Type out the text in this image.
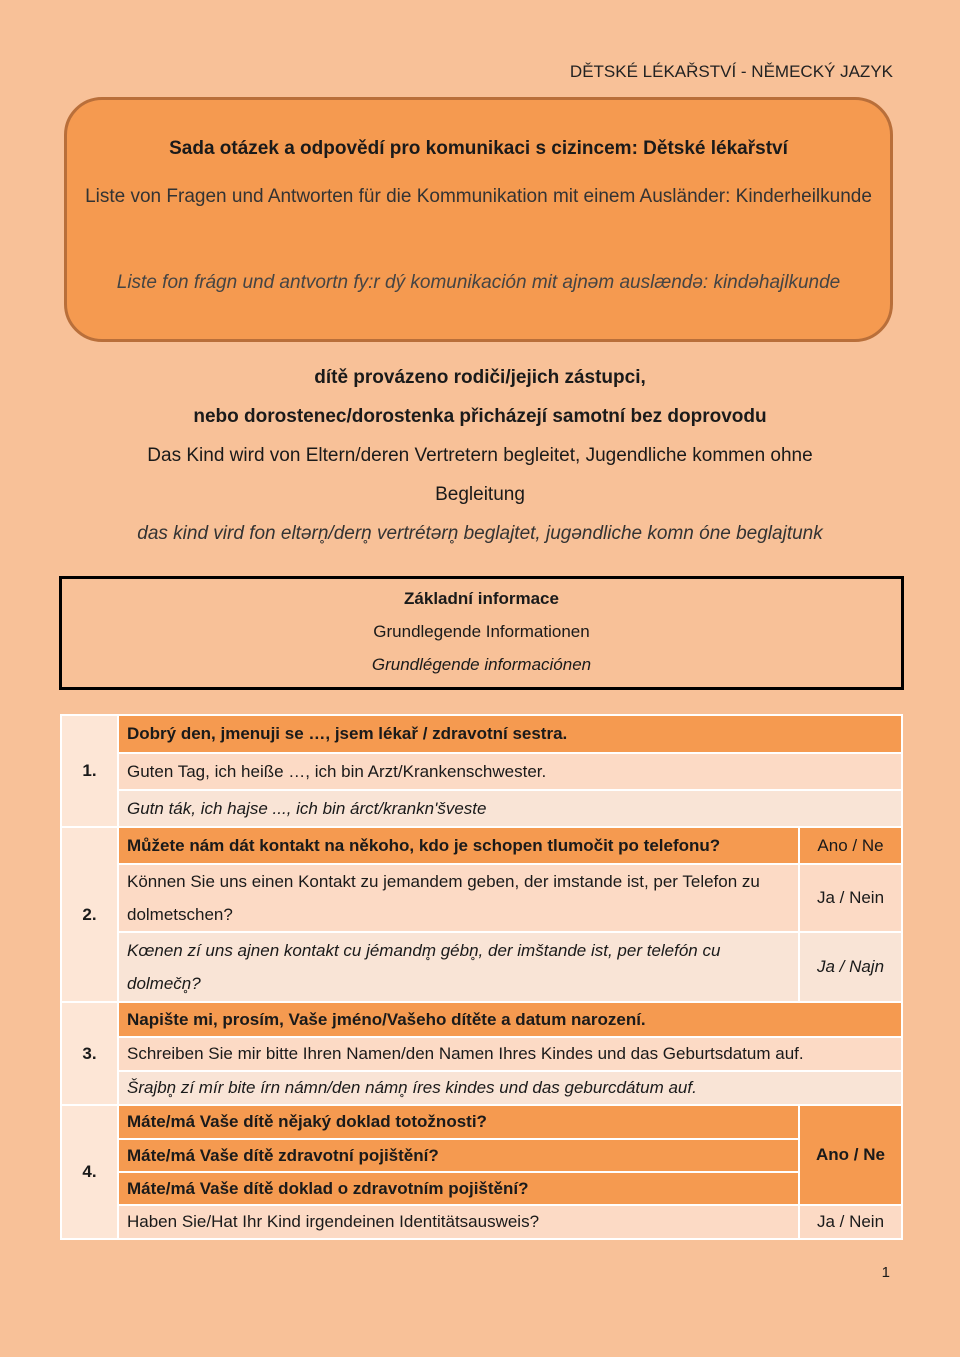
DĚTSKÉ LÉKAŘSTVÍ - NĚMECKÝ JAZYK
Sada otázek a odpovědí pro komunikaci s cizincem: Dětské lékařství
Liste von Fragen und Antworten für die Kommunikation mit einem Ausländer: Kinderheilkunde
Liste fon frágn und antvortn fy:r dý komunikación mit ajnəm auslændə: kindəhajlkunde
dítě provázeno rodiči/jejich zástupci,
nebo dorostenec/dorostenka přicházejí samotní bez doprovodu
Das Kind wird von Eltern/deren Vertretern begleitet, Jugendliche kommen ohne
Begleitung
das kind vird fon eltərn̥/dern̥ vertrétərn̥ beglajtet, jugəndliche komn óne beglajtunk
Základní informace
Grundlegende Informationen
Grundlégende informaciónen
1.	Dobrý den, jmenuji se …, jsem lékař / zdravotní sestra.	
	Guten Tag, ich heiße …, ich bin Arzt/Krankenschwester.	
	Gutn ták, ich hajse ..., ich bin árct/krankn'šveste	
2.	Můžete nám dát kontakt na někoho, kdo je schopen tlumočit po telefonu?	Ano / Ne
	Können Sie uns einen Kontakt zu jemandem geben, der imstande ist, per Telefon zu dolmetschen?	Ja / Nein
	Kœnen zí uns ajnen kontakt cu jémandm̥ gébn̥, der imštande ist, per telefón cu dolmečn̥?	Ja / Najn
3.	Napište mi, prosím, Vaše jméno/Vašeho dítěte a datum narození.	
	Schreiben Sie mir bitte Ihren Namen/den Namen Ihres Kindes und das Geburtsdatum auf.	
	Šrajbn̥ zí mír bite írn námn/den námn̥ íres kindes und das geburcdátum auf.	
4.	Máte/má Vaše dítě nějaký doklad totožnosti?	Ano / Ne
	Máte/má Vaše dítě zdravotní pojištění?	
	Máte/má Vaše dítě doklad o zdravotním pojištění?	
	Haben Sie/Hat Ihr Kind irgendeinen Identitätsausweis?	Ja / Nein
1
